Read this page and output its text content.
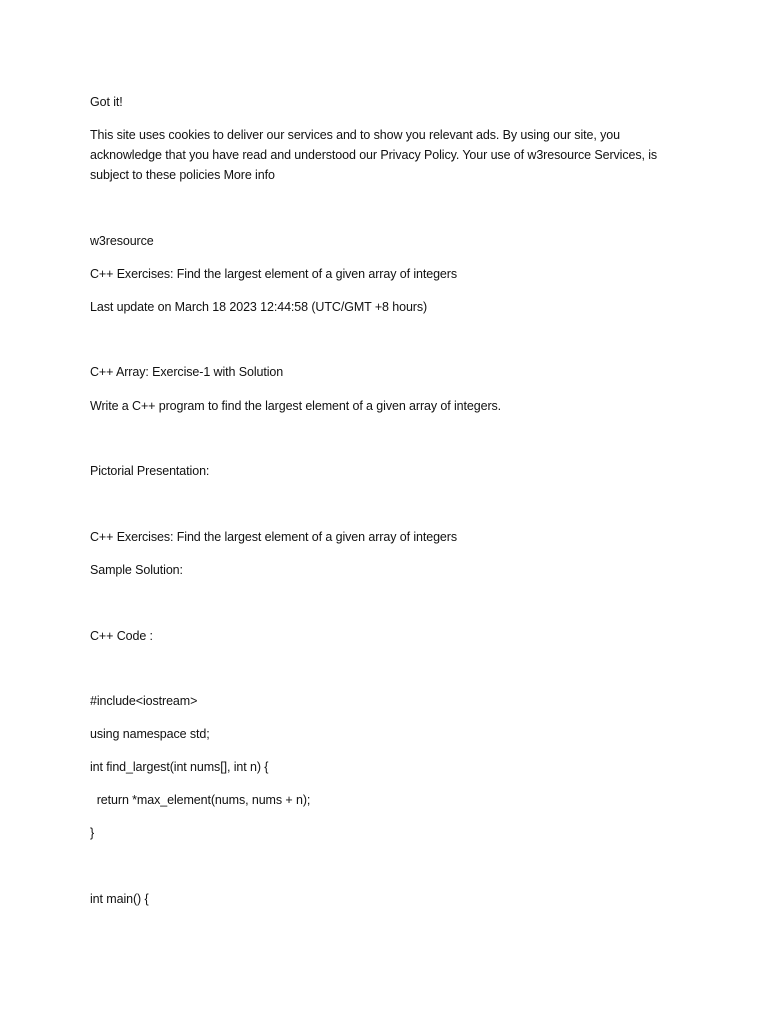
Got it!
This site uses cookies to deliver our services and to show you relevant ads. By using our site, you
acknowledge that you have read and understood our Privacy Policy. Your use of w3resource Services, is
subject to these policies More info
w3resource
C++ Exercises: Find the largest element of a given array of integers
Last update on March 18 2023 12:44:58 (UTC/GMT +8 hours)
C++ Array: Exercise-1 with Solution
Write a C++ program to find the largest element of a given array of integers.
Pictorial Presentation:
C++ Exercises: Find the largest element of a given array of integers
Sample Solution:
C++ Code :
#include<iostream>
using namespace std;
int find_largest(int nums[], int n) {
return *max_element(nums, nums + n);
}
int main() {
